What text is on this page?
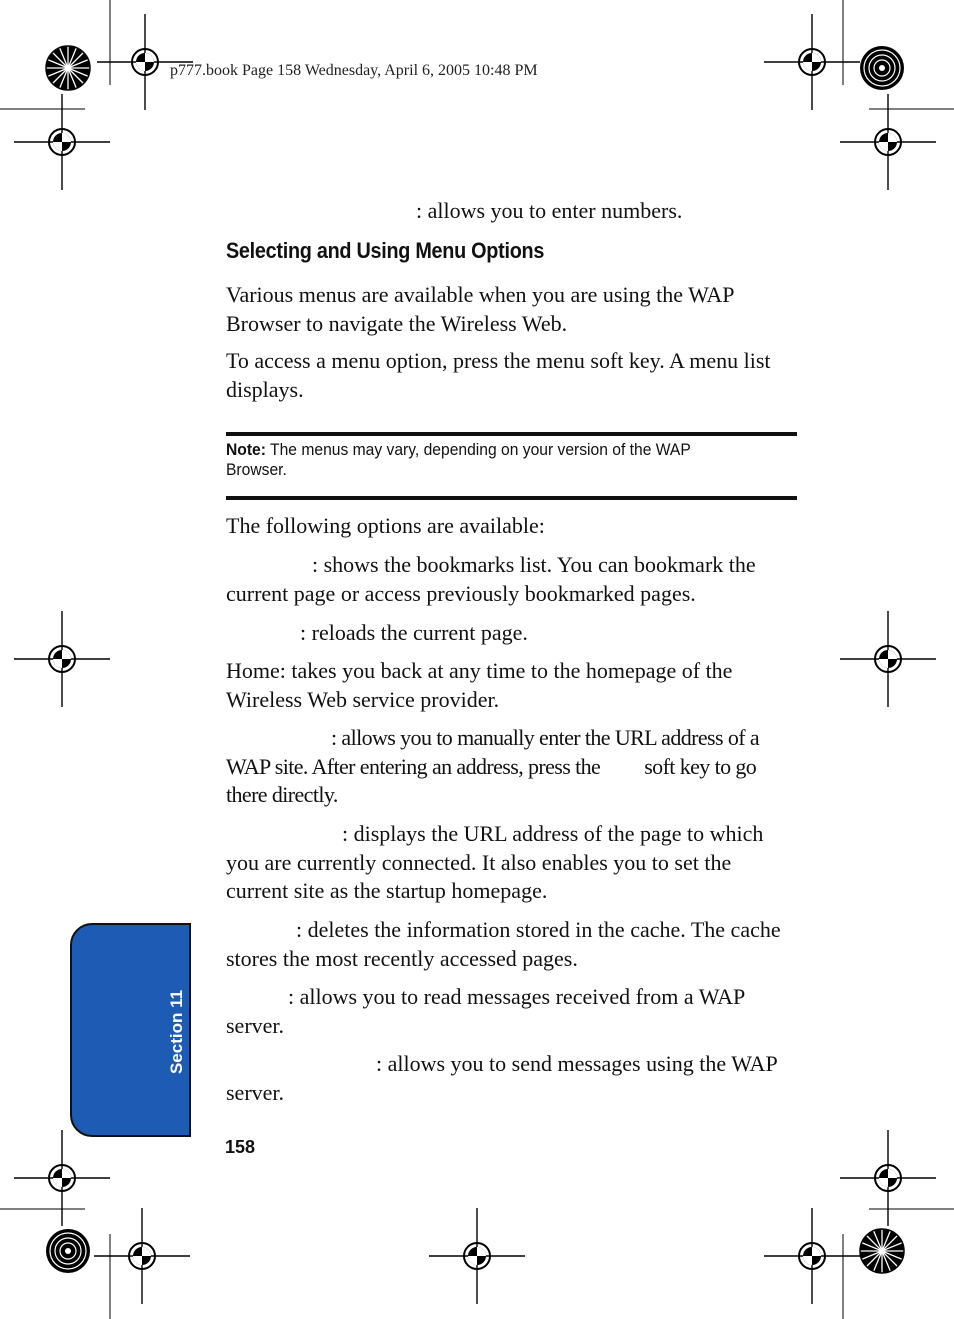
p777.book Page 158 Wednesday, April 6, 2005 10:48 PM

: allows you to enter numbers.

Selecting and Using Menu Options

Various menus are available when you are using the WAP Browser to navigate the Wireless Web.

To access a menu option, press the menu soft key. A menu list displays.

Note: The menus may vary, depending on your version of the WAP Browser.

The following options are available:

: shows the bookmarks list. You can bookmark the current page or access previously bookmarked pages.

: reloads the current page.

Home: takes you back at any time to the homepage of the Wireless Web service provider.

: allows you to manually enter the URL address of a WAP site. After entering an address, press the soft key to go there directly.

: displays the URL address of the page to which you are currently connected. It also enables you to set the current site as the startup homepage.

: deletes the information stored in the cache. The cache stores the most recently accessed pages.

: allows you to read messages received from a WAP server.

: allows you to send messages using the WAP server.

Section 11
158
